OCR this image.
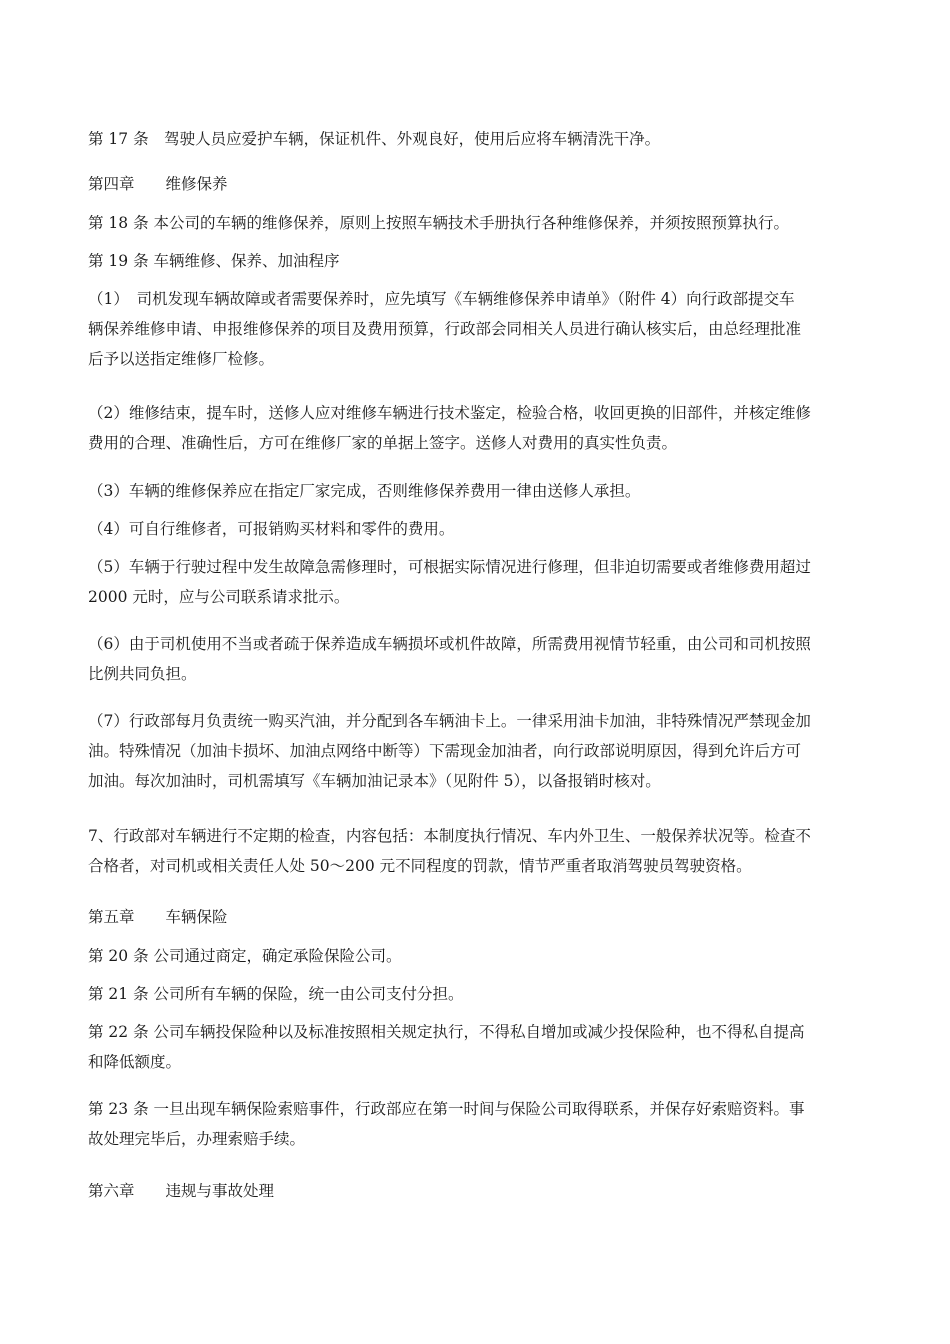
第 17 条　驾驶人员应爱护车辆，保证机件、外观良好，使用后应将车辆清洗干净。

第四章　　维修保养

第 18 条 本公司的车辆的维修保养，原则上按照车辆技术手册执行各种维修保养，并须按照预算执行。

第 19 条 车辆维修、保养、加油程序

（1）　司机发现车辆故障或者需要保养时，应先填写《车辆维修保养申请单》（附件 4）向行政部提交车
辆保养维修申请、申报维修保养的项目及费用预算，行政部会同相关人员进行确认核实后，由总经理批准
后予以送指定维修厂检修。

（2）维修结束，提车时，送修人应对维修车辆进行技术鉴定，检验合格，收回更换的旧部件，并核定维修
费用的合理、准确性后，方可在维修厂家的单据上签字。送修人对费用的真实性负责。

（3）车辆的维修保养应在指定厂家完成，否则维修保养费用一律由送修人承担。

（4）可自行维修者，可报销购买材料和零件的费用。

（5）车辆于行驶过程中发生故障急需修理时，可根据实际情况进行修理，但非迫切需要或者维修费用超过
2000 元时，应与公司联系请求批示。

（6）由于司机使用不当或者疏于保养造成车辆损坏或机件故障，所需费用视情节轻重，由公司和司机按照
比例共同负担。

（7）行政部每月负责统一购买汽油，并分配到各车辆油卡上。一律采用油卡加油，非特殊情况严禁现金加
油。特殊情况（加油卡损坏、加油点网络中断等）下需现金加油者，向行政部说明原因，得到允许后方可
加油。每次加油时，司机需填写《车辆加油记录本》（见附件 5），以备报销时核对。

7、行政部对车辆进行不定期的检查，内容包括：本制度执行情况、车内外卫生、一般保养状况等。检查不
合格者，对司机或相关责任人处 50～200 元不同程度的罚款，情节严重者取消驾驶员驾驶资格。

第五章　　车辆保险

第 20 条 公司通过商定，确定承险保险公司。

第 21 条 公司所有车辆的保险，统一由公司支付分担。

第 22 条 公司车辆投保险种以及标准按照相关规定执行，不得私自增加或减少投保险种，也不得私自提高
和降低额度。

第 23 条 一旦出现车辆保险索赔事件，行政部应在第一时间与保险公司取得联系，并保存好索赔资料。事
故处理完毕后，办理索赔手续。

第六章　　违规与事故处理
